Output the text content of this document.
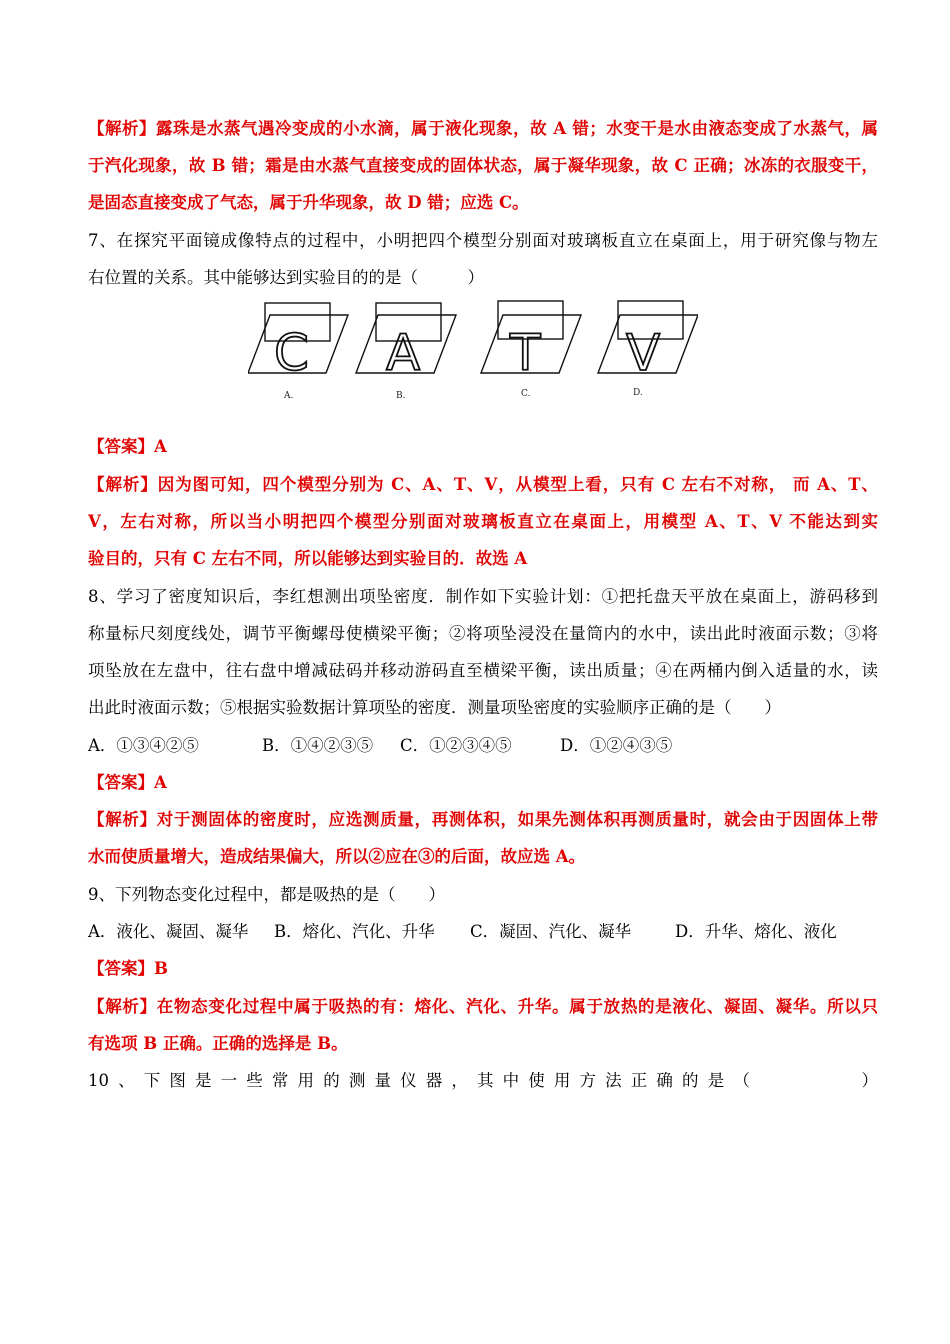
【解析】露珠是水蒸气遇冷变成的小水滴，属于液化现象，故 A 错；水变干是水由液态变成了水蒸气，属
于汽化现象，故 B 错；霜是由水蒸气直接变成的固体状态，属于凝华现象，故 C 正确；冰冻的衣服变干，
是固态直接变成了气态，属于升华现象，故 D 错；应选 C。
7、在探究平面镜成像特点的过程中，小明把四个模型分别面对玻璃板直立在桌面上，用于研究像与物左
右位置的关系。其中能够达到实验目的的是（　　　）
C
A.
A
B.
T
C.
V
D.
【答案】A
【解析】因为图可知，四个模型分别为 C、A、T、V，从模型上看，只有 C 左右不对称， 而 A、T、
V，左右对称，所以当小明把四个模型分别面对玻璃板直立在桌面上，用模型 A、T、V 不能达到实
验目的，只有 C 左右不同，所以能够达到实验目的．故选 A
8、学习了密度知识后，李红想测出项坠密度．制作如下实验计划：①把托盘天平放在桌面上，游码移到
称量标尺刻度线处，调节平衡螺母使横梁平衡；②将项坠浸没在量筒内的水中，读出此时液面示数；③将
项坠放在左盘中，往右盘中增减砝码并移动游码直至横梁平衡，读出质量；④在两桶内倒入适量的水，读
出此时液面示数；⑤根据实验数据计算项坠的密度．测量项坠密度的实验顺序正确的是（　　）
A．①③④②⑤	B．①④②③⑤ C．①②③④⑤	D．①②④③⑤
【答案】A
【解析】对于测固体的密度时，应选测质量，再测体积，如果先测体积再测质量时，就会由于因固体上带
水而使质量增大，造成结果偏大，所以②应在③的后面，故应选 A。
9、下列物态变化过程中，都是吸热的是（　　）
A．液化、凝固、凝华 B．熔化、汽化、升华 C．凝固、汽化、凝华	D．升华、熔化、液化
【答案】B
【解析】在物态变化过程中属于吸热的有：熔化、汽化、升华。属于放热的是液化、凝固、凝华。所以只
有选项 B 正确。正确的选择是 B。
10、下图是一些常用的测量仪器，其中使用方法正确的是（　　　　）
